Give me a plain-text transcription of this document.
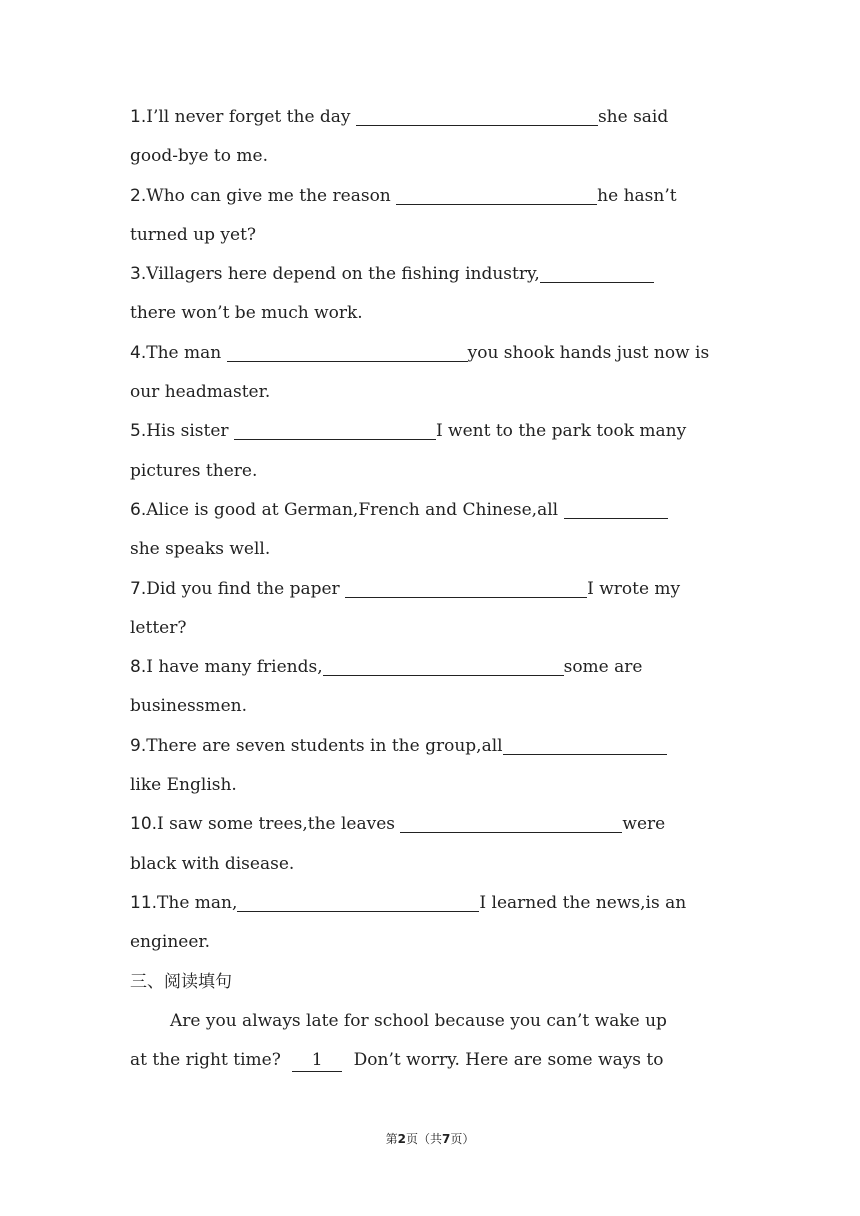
1.I’ll never forget the day	she said
good-bye to me.
2.Who can give me the reason	he hasn’t
turned up yet?
3.Villagers here depend on the fishing industry,
there won’t be much work.
4.The man	you shook hands just now is
our headmaster.
5.His sister	I went to the park took many
pictures there.
6.Alice is good at German,French and Chinese,all
she speaks well.
7.Did you find the paper	I wrote my
letter?
8.I have many friends,	some are
businessmen.
9.There are seven students in the group,all
like English.
10.I saw some trees,the leaves	were
black with disease.
11.The man,	I learned the news,is an
engineer.
三、阅读填句
Are you always late for school because you can’t wake up
at the right time? 1 Don’t worry. Here are some ways to
第2页（共7页）
